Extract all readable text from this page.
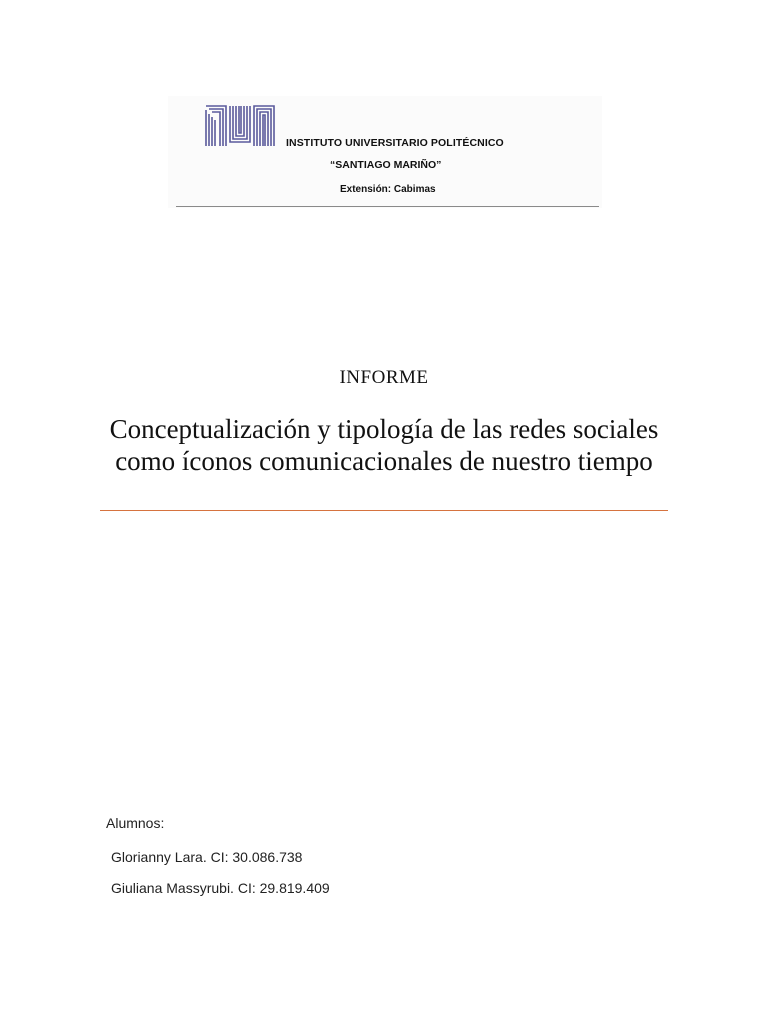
INSTITUTO UNIVERSITARIO POLITÉCNICO
“SANTIAGO MARIÑO”
Extensión: Cabimas
INFORME
Conceptualización y tipología de las redes sociales como íconos comunicacionales de nuestro tiempo
Alumnos:
Glorianny Lara. CI: 30.086.738
Giuliana Massyrubi. CI: 29.819.409
